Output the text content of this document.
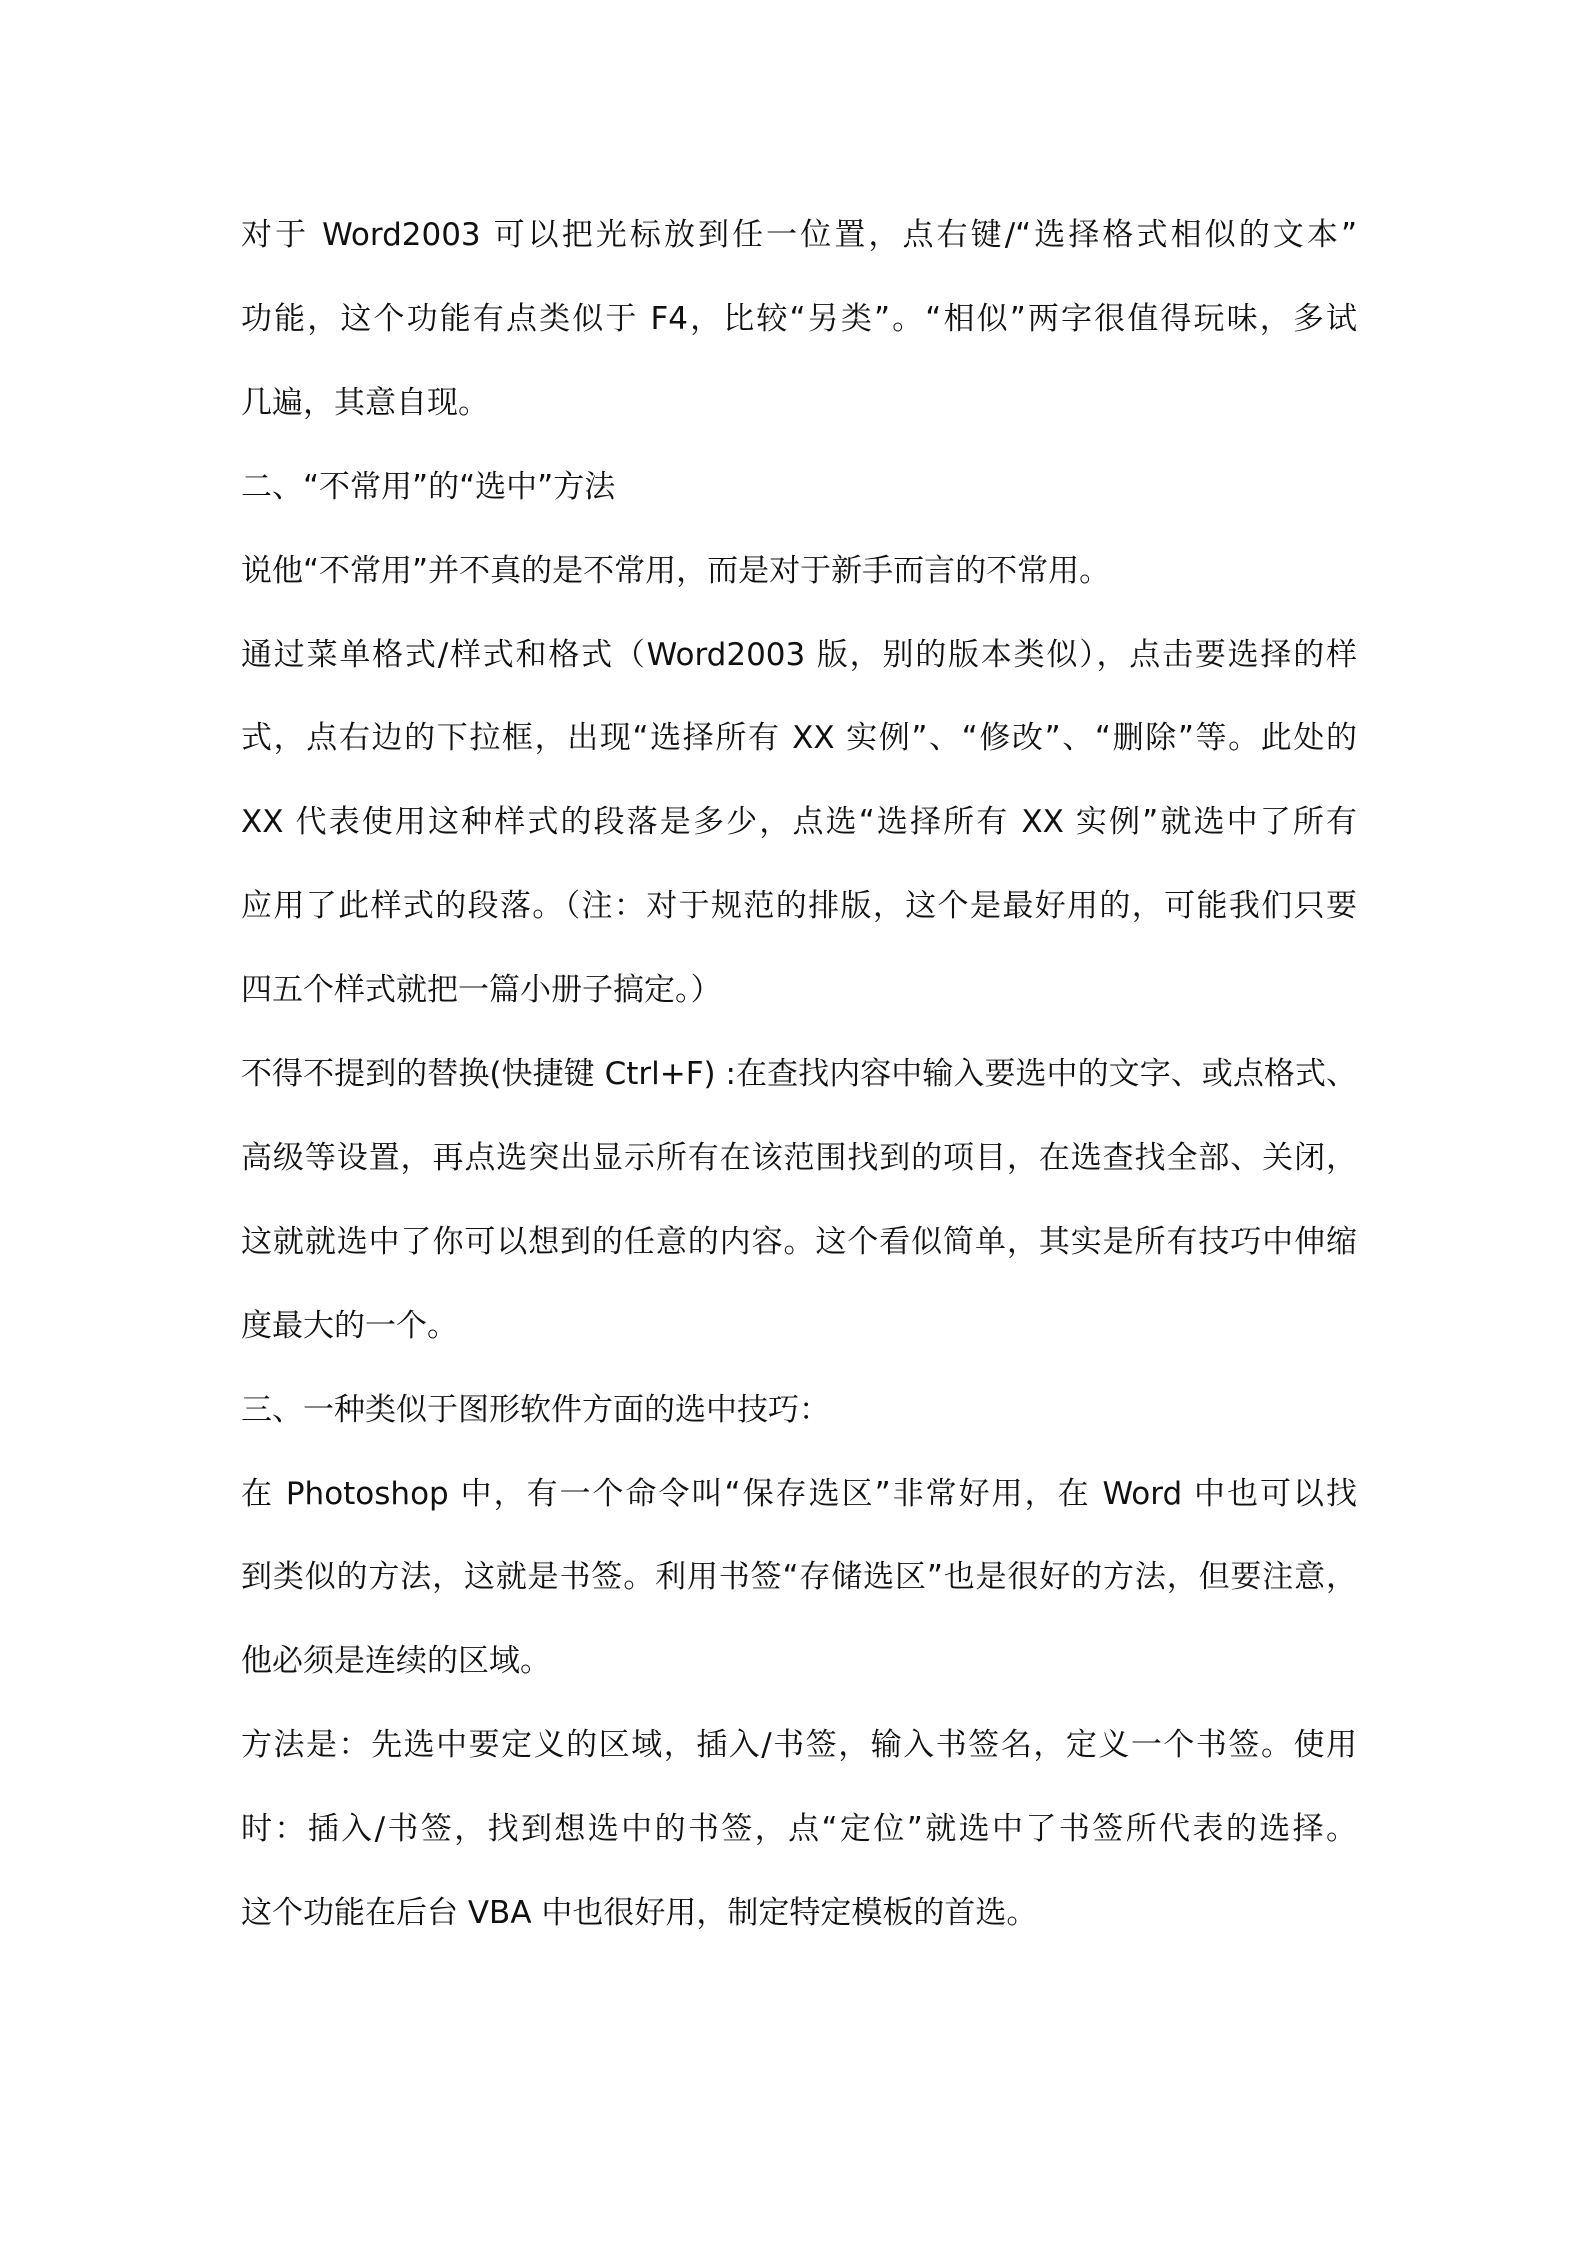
对于 Word2003 可以把光标放到任一位置，点右键/“选择格式相似的文本”
功能，这个功能有点类似于 F4，比较“另类”。“相似”两字很值得玩味，多试
几遍，其意自现。
二、“不常用”的“选中”方法
说他“不常用”并不真的是不常用，而是对于新手而言的不常用。
通过菜单格式/样式和格式（Word2003 版，别的版本类似），点击要选择的样
式，点右边的下拉框，出现“选择所有 XX 实例”、“修改”、“删除”等。此处的
XX 代表使用这种样式的段落是多少，点选“选择所有 XX 实例”就选中了所有
应用了此样式的段落。（注：对于规范的排版，这个是最好用的，可能我们只要
四五个样式就把一篇小册子搞定。）
不得不提到的替换(快捷键 Ctrl+F) :在查找内容中输入要选中的文字、或点格式、
高级等设置，再点选突出显示所有在该范围找到的项目，在选查找全部、关闭，
这就就选中了你可以想到的任意的内容。这个看似简单，其实是所有技巧中伸缩
度最大的一个。
三、一种类似于图形软件方面的选中技巧：
在 Photoshop 中，有一个命令叫“保存选区”非常好用，在 Word 中也可以找
到类似的方法，这就是书签。利用书签“存储选区”也是很好的方法，但要注意，
他必须是连续的区域。
方法是：先选中要定义的区域，插入/书签，输入书签名，定义一个书签。使用
时：插入/书签，找到想选中的书签，点“定位”就选中了书签所代表的选择。
这个功能在后台 VBA 中也很好用，制定特定模板的首选。
